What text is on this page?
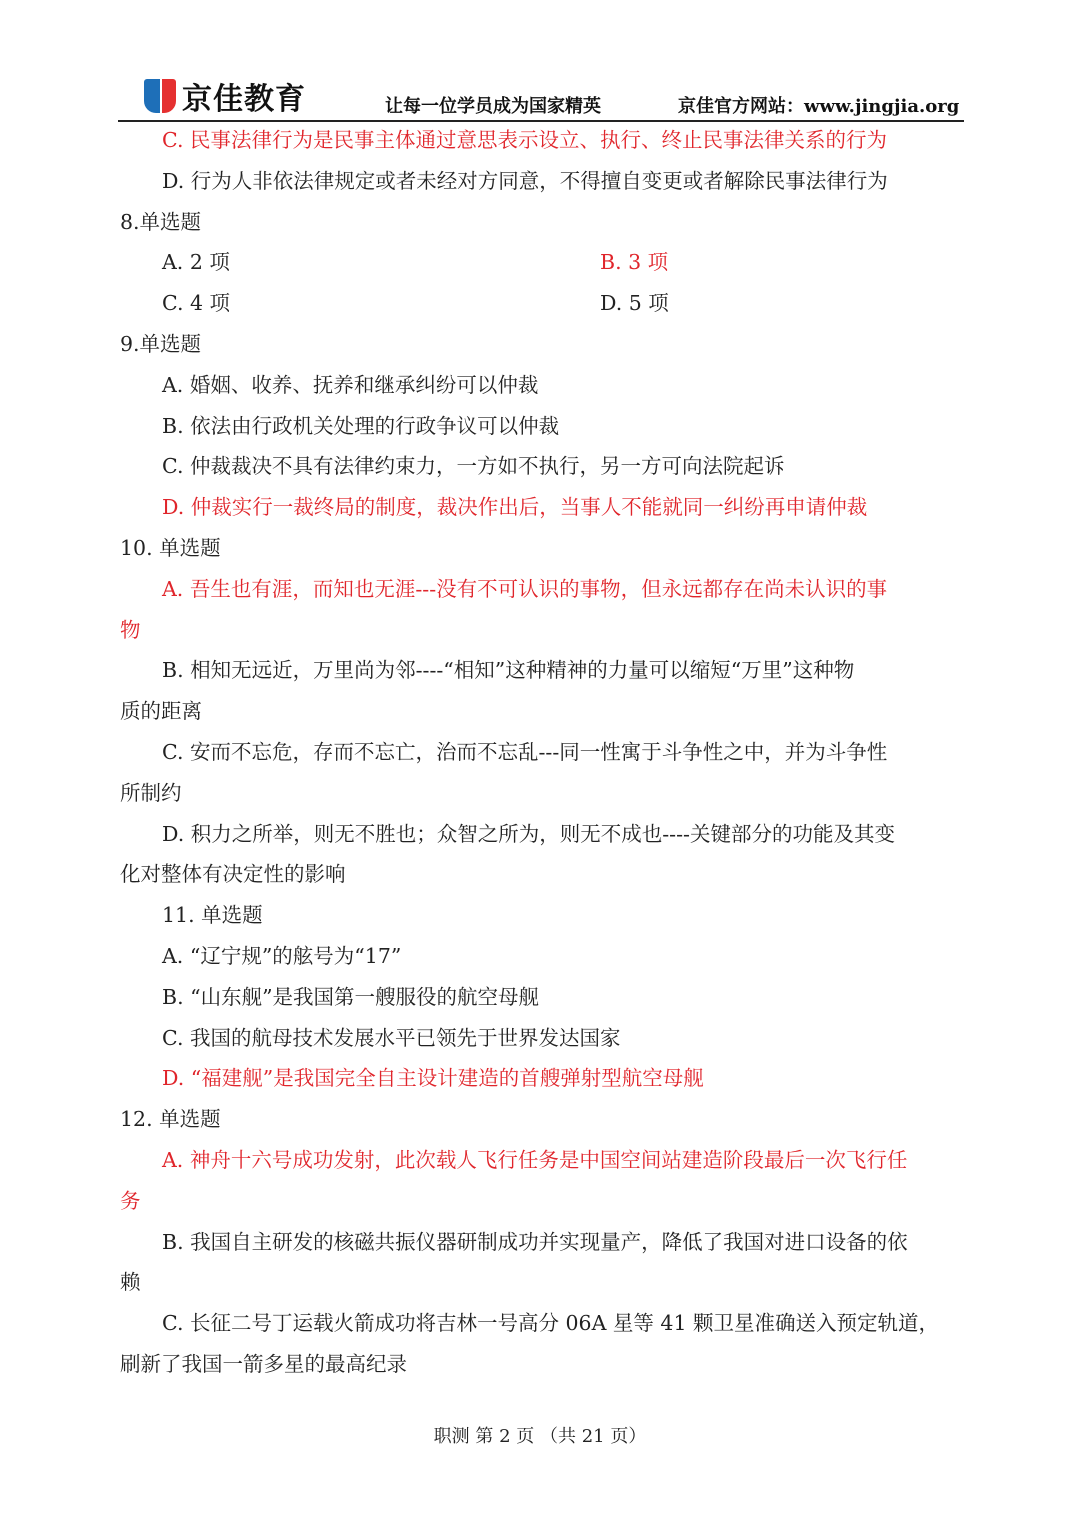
京佳教育	让每一位学员成为国家精英	京佳官方网站：www.jingjia.org
C. 民事法律行为是民事主体通过意思表示设立、执行、终止民事法律关系的行为
D. 行为人非依法律规定或者未经对方同意，不得擅自变更或者解除民事法律行为
8.单选题
A. 2 项	B. 3 项
C. 4 项	D. 5 项
9.单选题
A. 婚姻、收养、抚养和继承纠纷可以仲裁
B. 依法由行政机关处理的行政争议可以仲裁
C. 仲裁裁决不具有法律约束力，一方如不执行，另一方可向法院起诉
D. 仲裁实行一裁终局的制度，裁决作出后，当事人不能就同一纠纷再申请仲裁
10. 单选题
A. 吾生也有涯，而知也无涯---没有不可认识的事物，但永远都存在尚未认识的事
物
B. 相知无远近，万里尚为邻----“相知”这种精神的力量可以缩短“万里”这种物
质的距离
C. 安而不忘危，存而不忘亡，治而不忘乱---同一性寓于斗争性之中，并为斗争性
所制约
D. 积力之所举，则无不胜也；众智之所为，则无不成也----关键部分的功能及其变
化对整体有决定性的影响
11. 单选题
A. “辽宁规”的舷号为“17”
B. “山东舰”是我国第一艘服役的航空母舰
C. 我国的航母技术发展水平已领先于世界发达国家
D. “福建舰”是我国完全自主设计建造的首艘弹射型航空母舰
12. 单选题
A. 神舟十六号成功发射，此次载人飞行任务是中国空间站建造阶段最后一次飞行任
务
B. 我国自主研发的核磁共振仪器研制成功并实现量产，降低了我国对进口设备的依
赖
C. 长征二号丁运载火箭成功将吉林一号高分 06A 星等 41 颗卫星准确送入预定轨道，
刷新了我国一箭多星的最高纪录
职测 第 2 页 （共 21 页）
